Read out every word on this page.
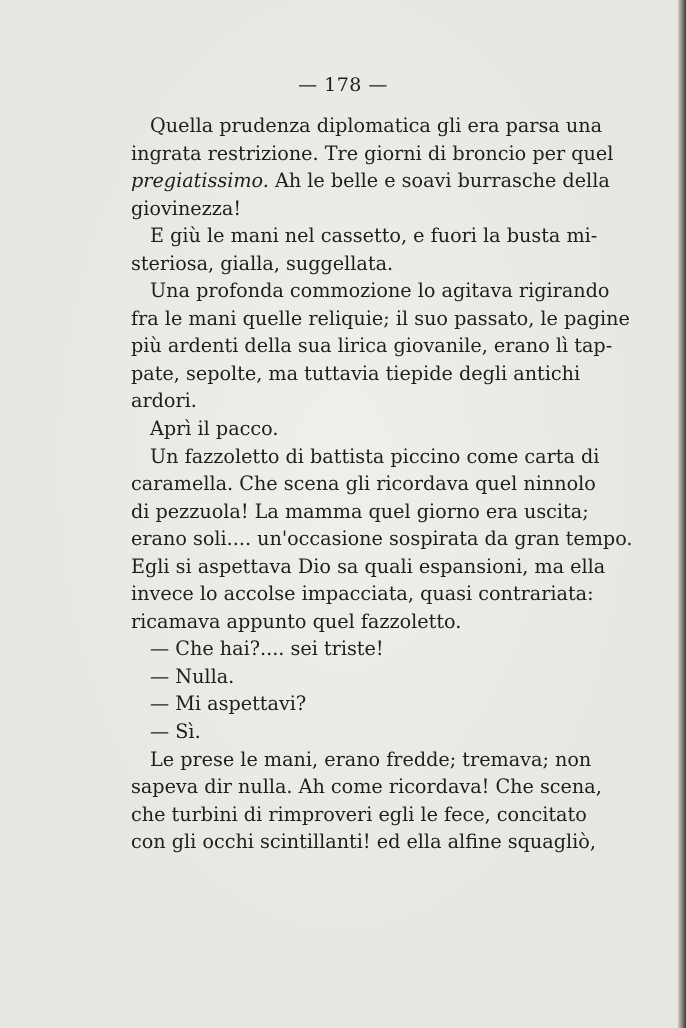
— 178 —
Quella prudenza diplomatica gli era parsa una
ingrata restrizione. Tre giorni di broncio per quel
pregiatissimo. Ah le belle e soavi burrasche della
giovinezza!
E giù le mani nel cassetto, e fuori la busta mi-
steriosa, gialla, suggellata.
Una profonda commozione lo agitava rigirando
fra le mani quelle reliquie; il suo passato, le pagine
più ardenti della sua lirica giovanile, erano lì tap-
pate, sepolte, ma tuttavia tiepide degli antichi
ardori.
Aprì il pacco.
Un fazzoletto di battista piccino come carta di
caramella. Che scena gli ricordava quel ninnolo
di pezzuola! La mamma quel giorno era uscita;
erano soli.... un'occasione sospirata da gran tempo.
Egli si aspettava Dio sa quali espansioni, ma ella
invece lo accolse impacciata, quasi contrariata:
ricamava appunto quel fazzoletto.
— Che hai?.... sei triste!
— Nulla.
— Mi aspettavi?
— Sì.
Le prese le mani, erano fredde; tremava; non
sapeva dir nulla. Ah come ricordava! Che scena,
che turbini di rimproveri egli le fece, concitato
con gli occhi scintillanti! ed ella alfine squagliò,
